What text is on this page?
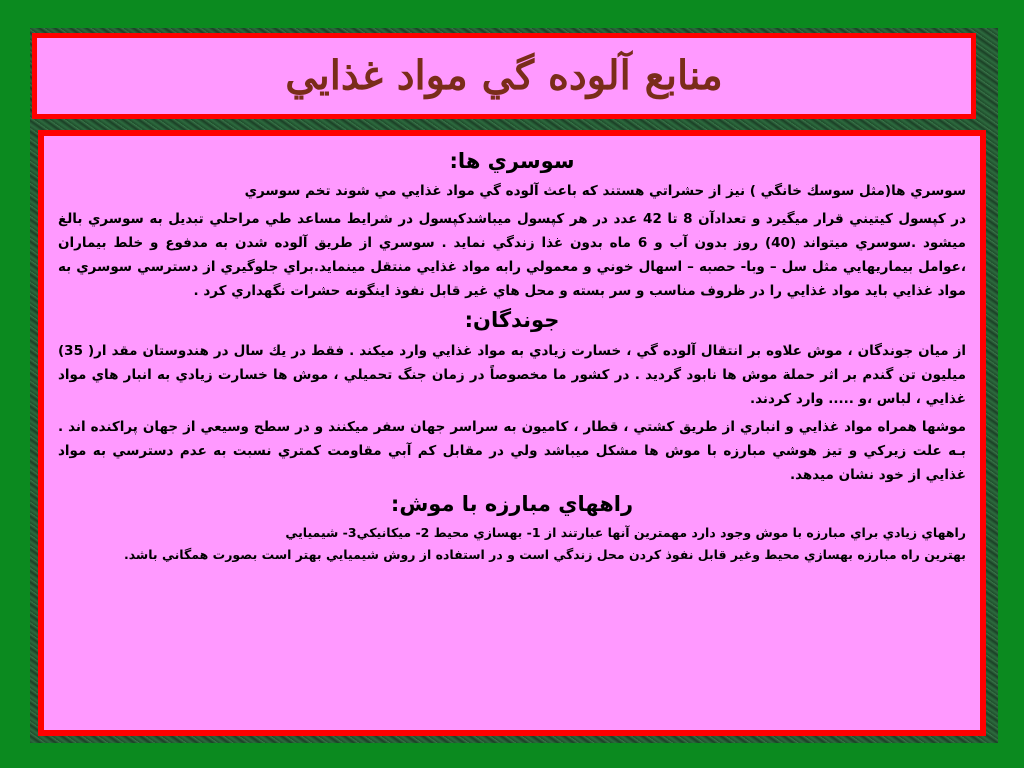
منابع آلوده گي مواد غذايي
سوسري ها:

سوسري ها(مثل سوسك خانگي ) نيز از حشراتي هستند كه باعث آلوده گي مواد غذايي مي شوند تخم سوسري

در كپسول كيتيني قرار ميگيرد و تعدادآن 8 تا 42 عدد در هر كپسول ميباشدكپسول در شرايط مساعد طي مراحلي تبديل به سوسري بالغ ميشود .سوسري ميتواند (40) روز بدون آب و 6 ماه بدون غذا زندگي نمايد . سوسري از طريق آلوده شدن به مدفوع و خلط بيماران ،عوامل بيماريهايي مثل سل – وبا- حصبه – اسهال خوني و معمولي رابه مواد غذايي منتقل مينمايد.براي جلوگيري از دسترسي سوسري به مواد غذايي بايد مواد غذايي را در ظروف مناسب و سر بسته و محل هاي غير قابل نفوذ اينگونه حشرات نگهداري كرد .

جوندگان:

از ميان جوندگان ، موش علاوه بر انتقال آلوده گي ، خسارت زيادي به مواد غذايي وارد ميكند . فقط در يك سال در هندوستان مقد ار( 35) ميليون تن گندم بر اثر حملة موش ها نابود گرديد . در كشور ما مخصوصاً در زمان جنگ تحميلي ، موش ها خسارت زيادي به انبار هاي مواد غذايي ، لباس ،و ..... وارد كردند.

موشها همراه مواد غذايي و انباري از طريق كشتي ، قطار ، كاميون به سراسر جهان سفر ميكنند و در سطح وسيعي از جهان پراكنده اند . بـه علت زيركي و تيز هوشي مبارزه با موش ها مشكل ميباشد ولي در مقابل كم آبي مقاومت كمتري نسبت به عدم دسترسي به مواد غذايي از خود نشان ميدهد.

راههاي مبارزه با موش:

راههاي زيادي براي مبارزه با موش وجود دارد مهمترين آنها عبارتند از 1- بهسازي محيط 2- ميكانيكي3- شيميايي

بهترين راه مبارزه بهسازي محيط وغير قابل نفوذ كردن محل زندگي است و در استفاده از روش شيميايي بهتر است بصورت همگاني باشد.
